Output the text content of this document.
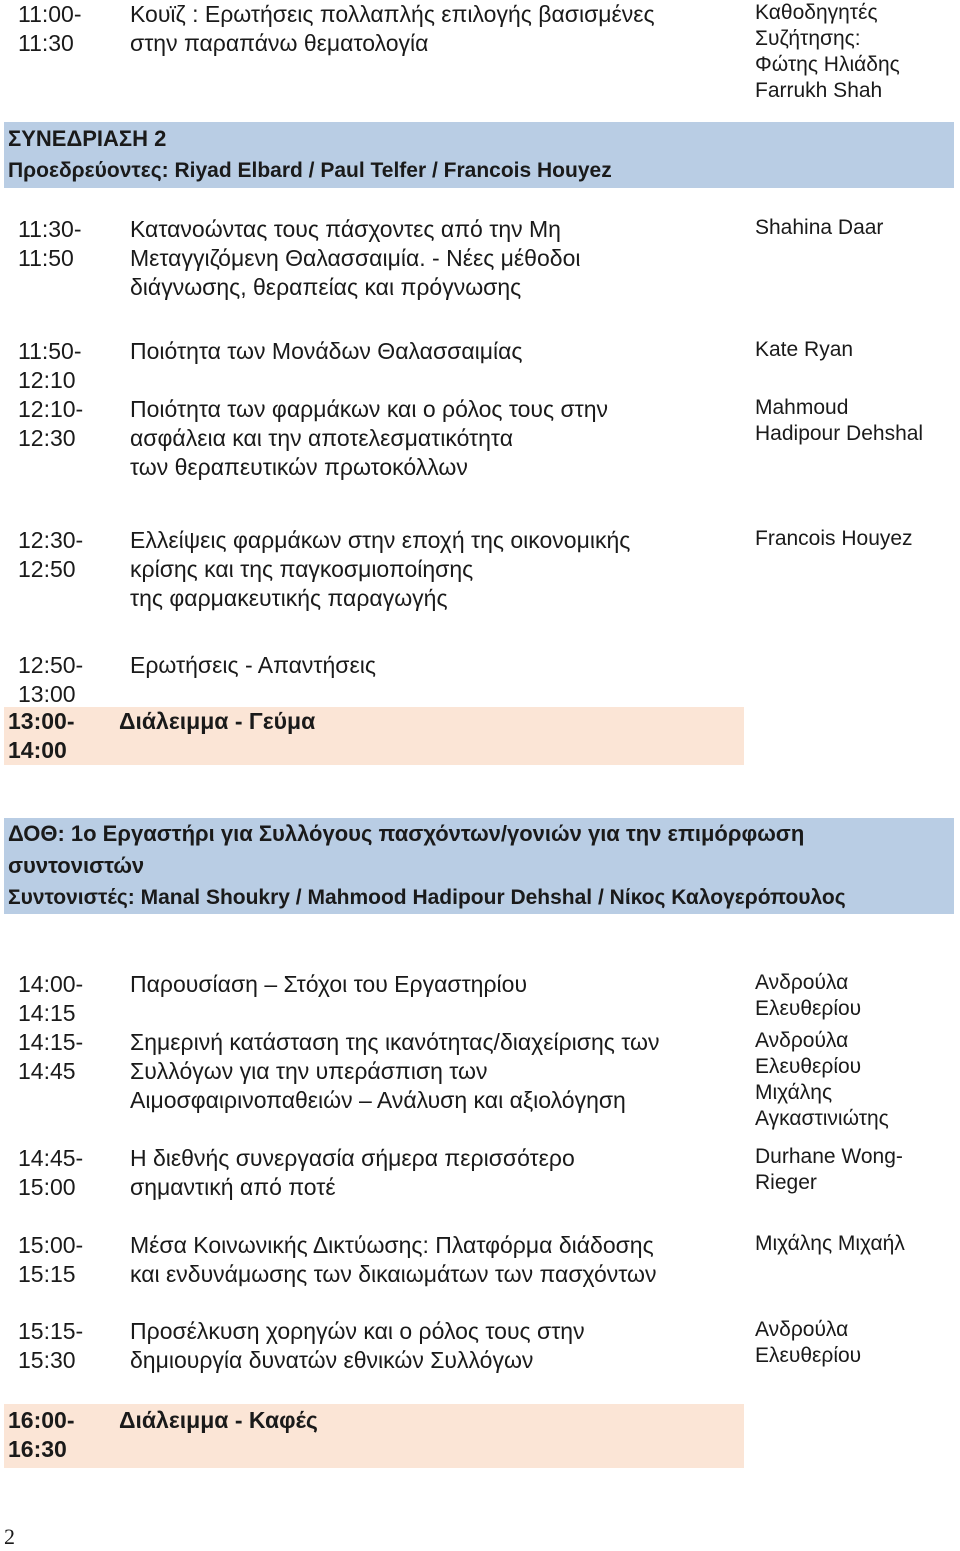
11:00-
11:30
Κουϊζ : Ερωτήσεις πολλαπλής επιλογής βασισμένες
στην παραπάνω θεματολογία
Καθοδηγητές
Συζήτησης:
Φώτης Ηλιάδης
Farrukh Shah
ΣΥΝΕΔΡΙΑΣΗ 2
Προεδρεύοντες: Riyad Elbard / Paul Telfer / Francois Houyez
11:30-
11:50
Κατανοώντας τους πάσχοντες από την Μη
Μεταγγιζόμενη Θαλασσαιμία. - Νέες μέθοδοι
διάγνωσης, θεραπείας και πρόγνωσης
Shahina Daar
11:50-
12:10
Ποιότητα των Μονάδων Θαλασσαιμίας	Kate Ryan
12:10-
12:30
Ποιότητα των φαρμάκων και ο ρόλος τους στην
ασφάλεια και την αποτελεσματικότητα
των θεραπευτικών πρωτοκόλλων
Mahmoud
Hadipour Dehshal
12:30-
12:50
Ελλείψεις φαρμάκων στην εποχή της οικονομικής
κρίσης και της παγκοσμιοποίησης
της φαρμακευτικής παραγωγής
Francois Houyez
12:50-
13:00
Ερωτήσεις - Απαντήσεις
13:00-
14:00
Διάλειμμα - Γεύμα
ΔΟΘ: 1ο Εργαστήρι για Συλλόγους πασχόντων/γονιών για την επιμόρφωση
συντονιστών
Συντονιστές: Manal Shoukry / Mahmood Hadipour Dehshal / Νίκος Καλογερόπουλος
14:00-
14:15
Παρουσίαση – Στόχοι του Εργαστηρίου	Ανδρούλα
Ελευθερίου
14:15-
14:45
Σημερινή κατάσταση της ικανότητας/διαχείρισης των
Συλλόγων για την υπεράσπιση των
Αιμοσφαιρινοπαθειών – Ανάλυση και αξιολόγηση
Ανδρούλα
Ελευθερίου
Μιχάλης
Αγκαστινιώτης
14:45-
15:00
Η διεθνής συνεργασία σήμερα περισσότερο
σημαντική από ποτέ
Durhane Wong-
Rieger
15:00-
15:15
Μέσα Κοινωνικής Δικτύωσης: Πλατφόρμα διάδοσης
και ενδυνάμωσης των δικαιωμάτων των πασχόντων
Μιχάλης Μιχαήλ
15:15-
15:30
Προσέλκυση χορηγών και ο ρόλος τους στην
δημιουργία δυνατών εθνικών Συλλόγων
Ανδρούλα
Ελευθερίου
16:00-
16:30
Διάλειμμα - Καφές
2
